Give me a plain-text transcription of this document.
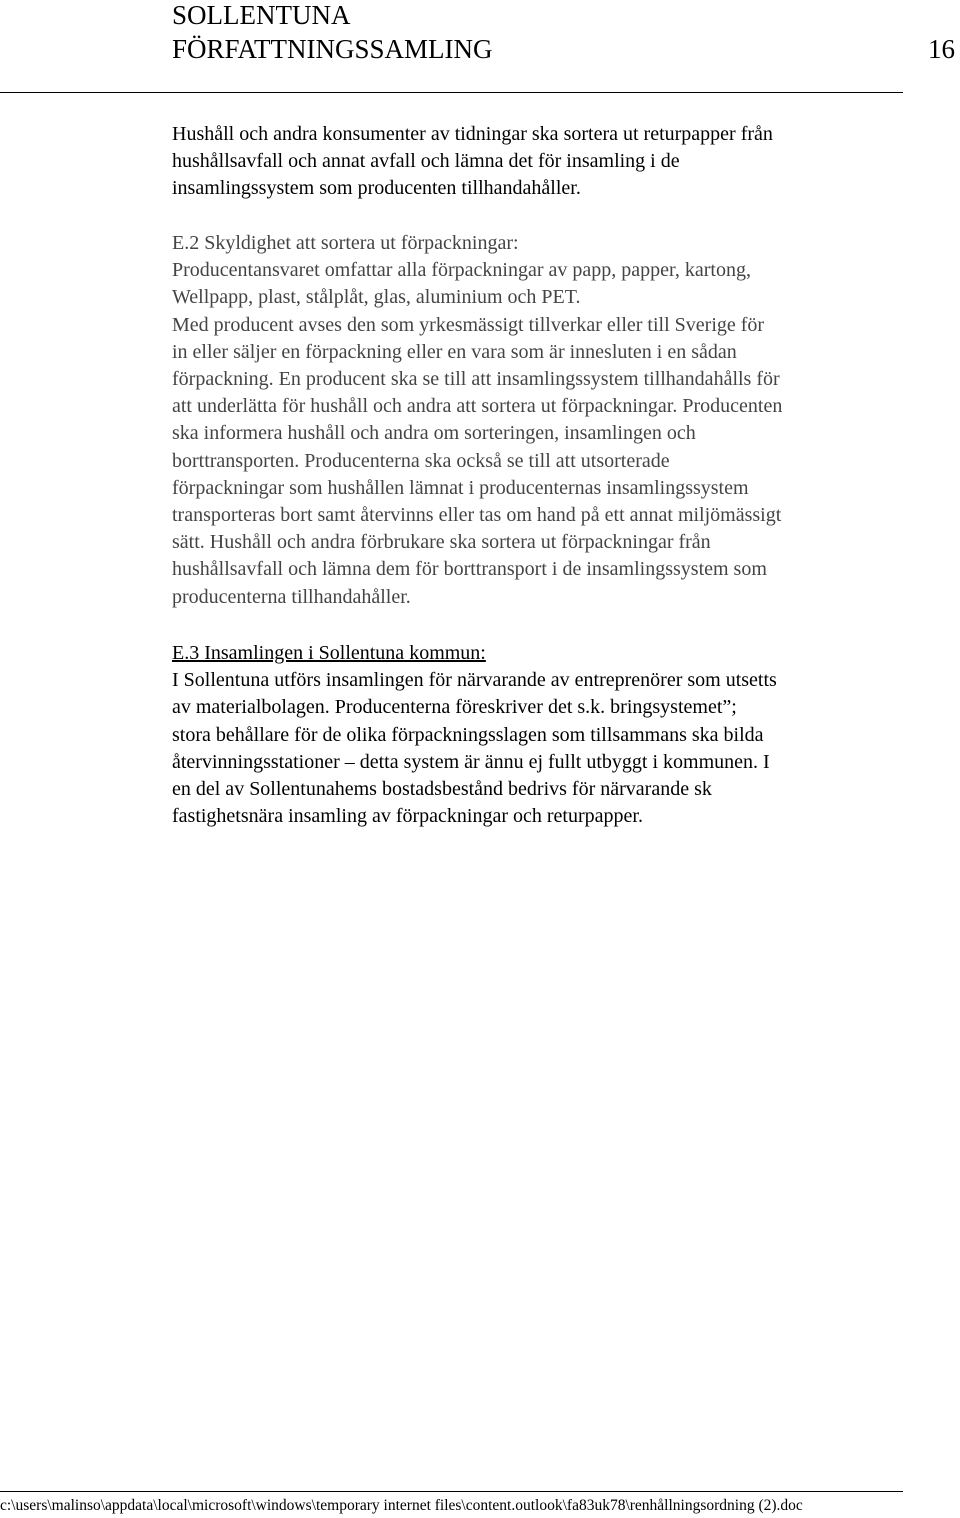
SOLLENTUNA
FÖRFATTNINGSSAMLING	16
Hushåll och andra konsumenter av tidningar ska sortera ut returpapper från
hushållsavfall och annat avfall och lämna det för insamling i de
insamlingssystem som producenten tillhandahåller.
E.2 Skyldighet att sortera ut förpackningar:
Producentansvaret omfattar alla förpackningar av papp, papper, kartong,
Wellpapp, plast, stålplåt, glas, aluminium och PET.
Med producent avses den som yrkesmässigt tillverkar eller till Sverige för
in eller säljer en förpackning eller en vara som är innesluten i en sådan
förpackning. En producent ska se till att insamlingssystem tillhandahålls för
att underlätta för hushåll och andra att sortera ut förpackningar. Producenten
ska informera hushåll och andra om sorteringen, insamlingen och
borttransporten. Producenterna ska också se till att utsorterade
förpackningar som hushållen lämnat i producenternas insamlingssystem
transporteras bort samt återvinns eller tas om hand på ett annat miljömässigt
sätt. Hushåll och andra förbrukare ska sortera ut förpackningar från
hushållsavfall och lämna dem för borttransport i de insamlingssystem som
producenterna tillhandahåller.
E.3 Insamlingen i Sollentuna kommun:
I Sollentuna utförs insamlingen för närvarande av entreprenörer som utsetts
av materialbolagen. Producenterna föreskriver det s.k. bringsystemet”;
stora behållare för de olika förpackningsslagen som tillsammans ska bilda
återvinningsstationer – detta system är ännu ej fullt utbyggt i kommunen. I
en del av Sollentunahems bostadsbestånd bedrivs för närvarande sk
fastighetsnära insamling av förpackningar och returpapper.
c:\users\malinso\appdata\local\microsoft\windows\temporary internet files\content.outlook\fa83uk78\renhållningsordning (2).doc
